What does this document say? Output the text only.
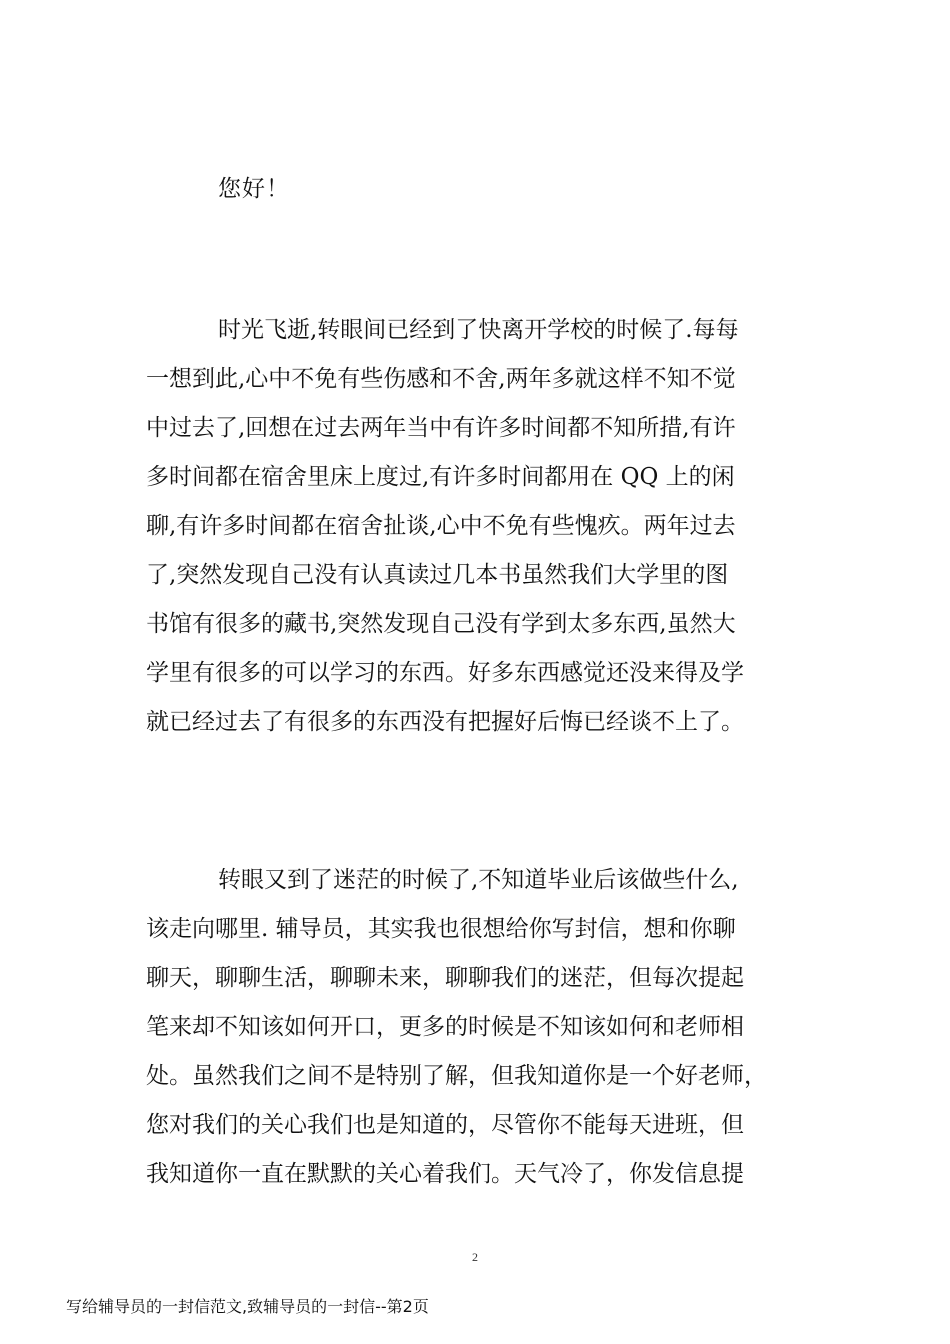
您好！
时光飞逝,转眼间已经到了快离开学校的时候了.每每
一想到此,心中不免有些伤感和不舍,两年多就这样不知不觉
中过去了,回想在过去两年当中有许多时间都不知所措,有许
多时间都在宿舍里床上度过,有许多时间都用在 QQ 上的闲
聊,有许多时间都在宿舍扯谈,心中不免有些愧疚。两年过去
了,突然发现自己没有认真读过几本书虽然我们大学里的图
书馆有很多的藏书,突然发现自己没有学到太多东西,虽然大
学里有很多的可以学习的东西。好多东西感觉还没来得及学
就已经过去了有很多的东西没有把握好后悔已经谈不上了。
转眼又到了迷茫的时候了,不知道毕业后该做些什么,
该走向哪里. 辅导员，其实我也很想给你写封信，想和你聊
聊天，聊聊生活，聊聊未来，聊聊我们的迷茫，但每次提起
笔来却不知该如何开口，更多的时候是不知该如何和老师相
处。虽然我们之间不是特别了解，但我知道你是一个好老师，
您对我们的关心我们也是知道的，尽管你不能每天进班，但
我知道你一直在默默的关心着我们。天气冷了，你发信息提
2
写给辅导员的一封信范文,致辅导员的一封信--第2页
